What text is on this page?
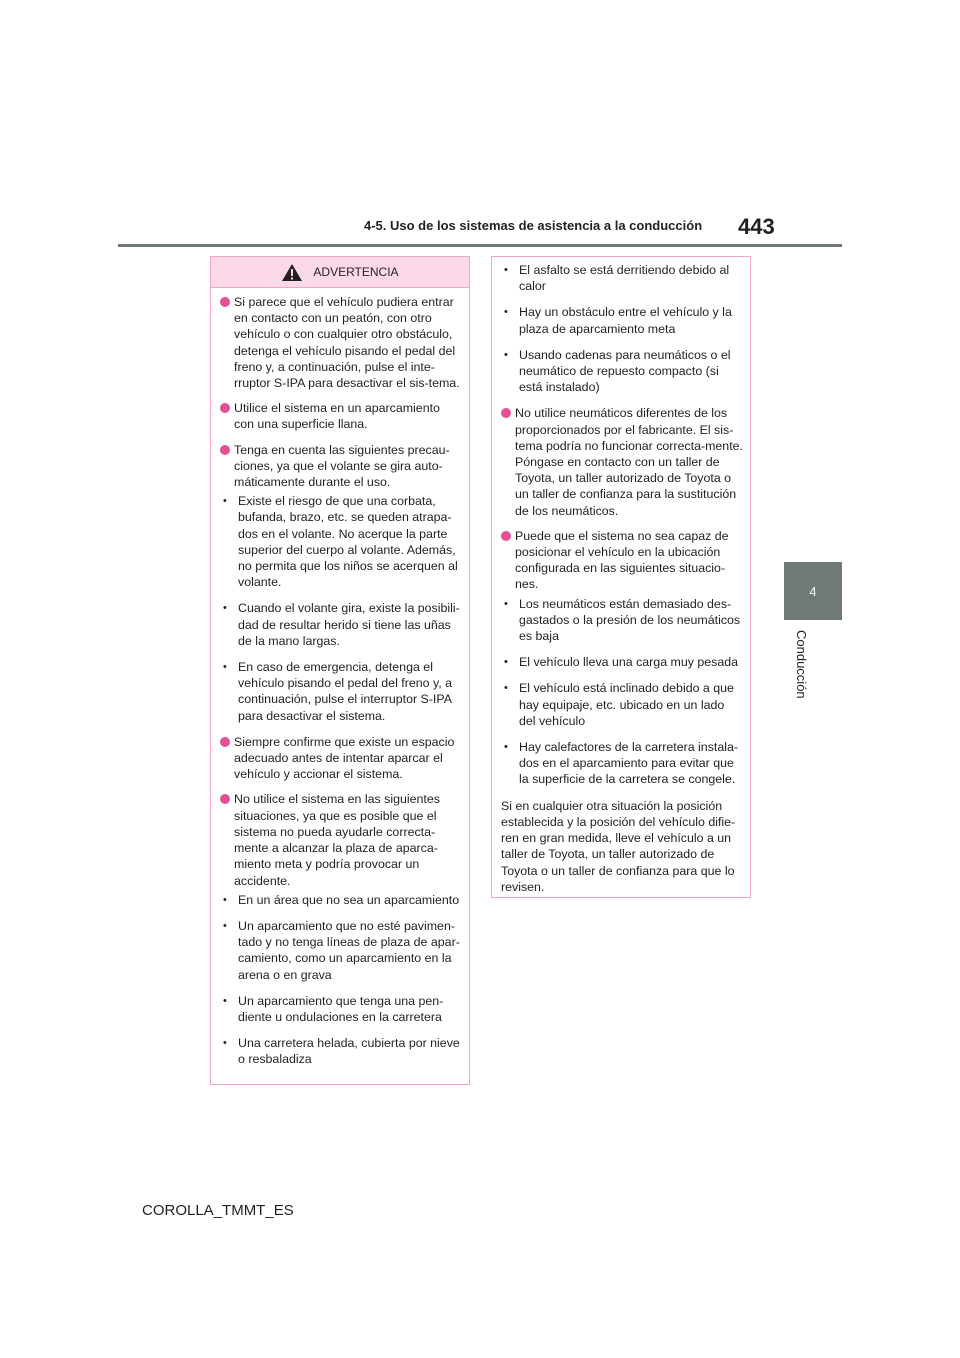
4-5. Uso de los sistemas de asistencia a la conducción 443
4
Conducción
ADVERTENCIA
Si parece que el vehículo pudiera entrar en contacto con un peatón, con otro vehículo o con cualquier otro obstáculo, detenga el vehículo pisando el pedal del freno y, a continuación, pulse el inte-rruptor S-IPA para desactivar el sis-tema.
Utilice el sistema en un aparcamiento con una superficie llana.
Tenga en cuenta las siguientes precau-ciones, ya que el volante se gira auto-máticamente durante el uso.
• Existe el riesgo de que una corbata, bufanda, brazo, etc. se queden atrapa-dos en el volante. No acerque la parte superior del cuerpo al volante. Además, no permita que los niños se acerquen al volante.
• Cuando el volante gira, existe la posibili-dad de resultar herido si tiene las uñas de la mano largas.
• En caso de emergencia, detenga el vehículo pisando el pedal del freno y, a continuación, pulse el interruptor S-IPA para desactivar el sistema.
Siempre confirme que existe un espacio adecuado antes de intentar aparcar el vehículo y accionar el sistema.
No utilice el sistema en las siguientes situaciones, ya que es posible que el sistema no pueda ayudarle correcta-mente a alcanzar la plaza de aparca-miento meta y podría provocar un accidente.
• En un área que no sea un aparcamiento
• Un aparcamiento que no esté pavimen-tado y no tenga líneas de plaza de apar-camiento, como un aparcamiento en la arena o en grava
• Un aparcamiento que tenga una pen-diente u ondulaciones en la carretera
• Una carretera helada, cubierta por nieve o resbaladiza
• El asfalto se está derritiendo debido al calor
• Hay un obstáculo entre el vehículo y la plaza de aparcamiento meta
• Usando cadenas para neumáticos o el neumático de repuesto compacto (si está instalado)
No utilice neumáticos diferentes de los proporcionados por el fabricante. El sis-tema podría no funcionar correcta-mente. Póngase en contacto con un taller de Toyota, un taller autorizado de Toyota o un taller de confianza para la sustitución de los neumáticos.
Puede que el sistema no sea capaz de posicionar el vehículo en la ubicación configurada en las siguientes situacio-nes.
• Los neumáticos están demasiado des-gastados o la presión de los neumáticos es baja
• El vehículo lleva una carga muy pesada
• El vehículo está inclinado debido a que hay equipaje, etc. ubicado en un lado del vehículo
• Hay calefactores de la carretera instala-dos en el aparcamiento para evitar que la superficie de la carretera se congele.
Si en cualquier otra situación la posición establecida y la posición del vehículo difie-ren en gran medida, lleve el vehículo a un taller de Toyota, un taller autorizado de Toyota o un taller de confianza para que lo revisen.
COROLLA_TMMT_ES
